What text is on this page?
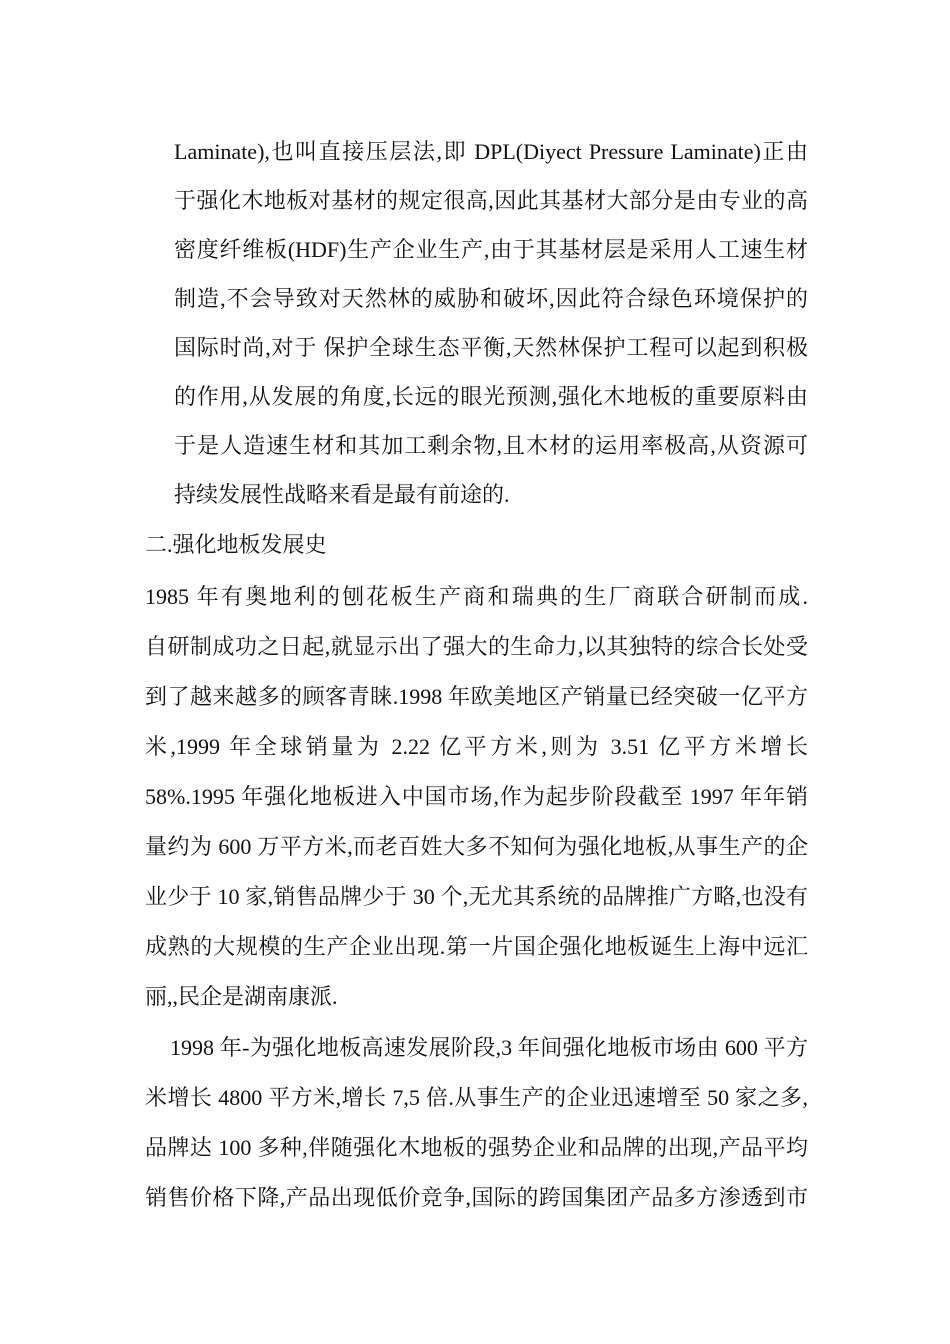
Laminate),也叫直接压层法,即 DPL(Diyect Pressure Laminate)正由
于强化木地板对基材的规定很高,因此其基材大部分是由专业的高
密度纤维板(HDF)生产企业生产,由于其基材层是采用人工速生材
制造,不会导致对天然林的威胁和破坏,因此符合绿色环境保护的
国际时尚,对于 保护全球生态平衡,天然林保护工程可以起到积极
的作用,从发展的角度,长远的眼光预测,强化木地板的重要原料由
于是人造速生材和其加工剩余物,且木材的运用率极高,从资源可
持续发展性战略来看是最有前途的.
二.强化地板发展史
1985 年有奥地利的刨花板生产商和瑞典的生厂商联合研制而成.
自研制成功之日起,就显示出了强大的生命力,以其独特的综合长处受
到了越来越多的顾客青睐.1998 年欧美地区产销量已经突破一亿平方
米,1999 年全球销量为 2.22 亿平方米,则为 3.51 亿平方米增长
58%.1995 年强化地板进入中国市场,作为起步阶段截至 1997 年年销
量约为 600 万平方米,而老百姓大多不知何为强化地板,从事生产的企
业少于 10 家,销售品牌少于 30 个,无尤其系统的品牌推广方略,也没有
成熟的大规模的生产企业出现.第一片国企强化地板诞生上海中远汇
丽,,民企是湖南康派.
1998 年-为强化地板高速发展阶段,3 年间强化地板市场由 600 平方
米增长 4800 平方米,增长 7,5 倍.从事生产的企业迅速增至 50 家之多,
品牌达 100 多种,伴随强化木地板的强势企业和品牌的出现,产品平均
销售价格下降,产品出现低价竞争,国际的跨国集团产品多方渗透到市
